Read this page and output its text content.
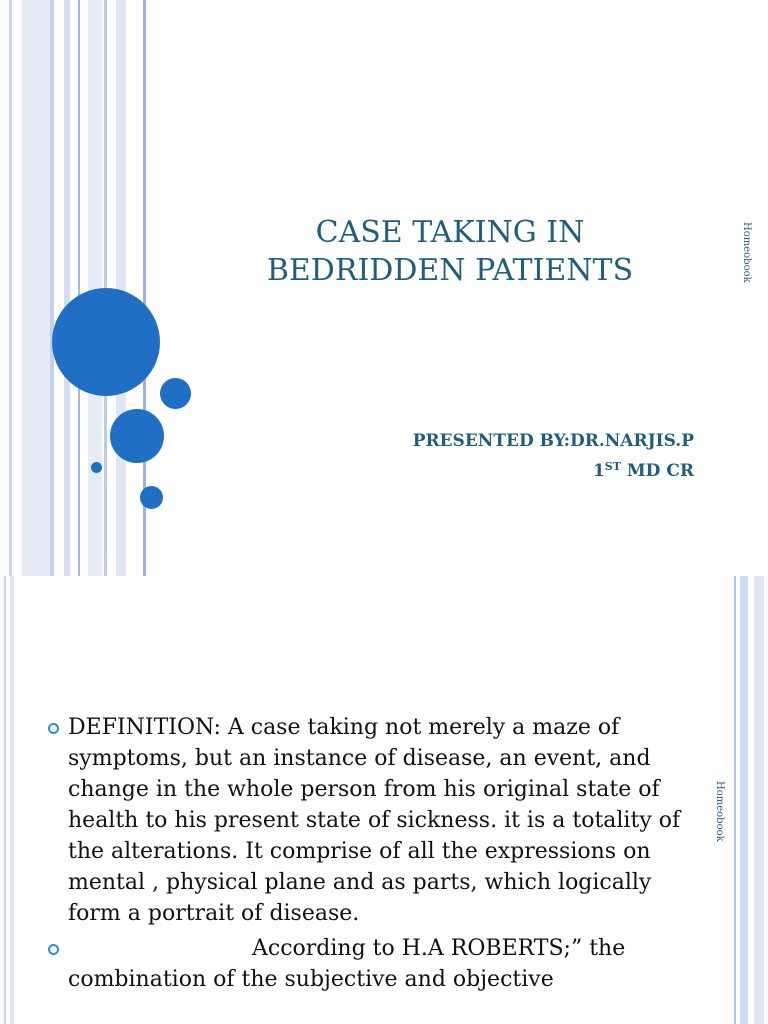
CASE TAKING IN
BEDRIDDEN PATIENTS
PRESENTED BY:DR.NARJIS.P
1ST MD CR
Homeobook
DEFINITION: A case taking not merely a maze of symptoms, but an instance of disease, an event, and change in the whole person from his original state of health to his present state of sickness. it is a totality of the alterations. It comprise of all the expressions on mental , physical plane and as parts, which logically form a portrait of disease.
According to H.A ROBERTS;” the combination of the subjective and objective
Homeobook
